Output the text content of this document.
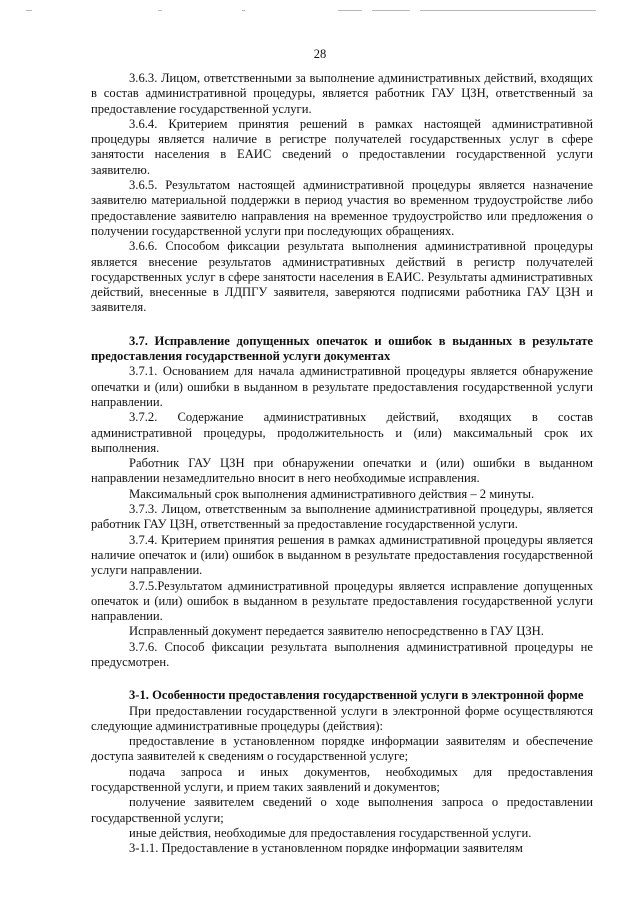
28

3.6.3. Лицом, ответственными за выполнение административных действий, входящих в состав административной процедуры, является работник ГАУ ЦЗН, ответственный за предоставление государственной услуги.

3.6.4. Критерием принятия решений в рамках настоящей административной процедуры является наличие в регистре получателей государственных услуг в сфере занятости населения в ЕАИС сведений о предоставлении государственной услуги заявителю.

3.6.5. Результатом настоящей административной процедуры является назначение заявителю материальной поддержки в период участия во временном трудоустройстве либо предоставление заявителю направления на временное трудоустройство или предложения о получении государственной услуги при последующих обращениях.

3.6.6. Способом фиксации результата выполнения административной процедуры является внесение результатов административных действий в регистр получателей государственных услуг в сфере занятости населения в ЕАИС. Результаты административных действий, внесенные в ЛДПГУ заявителя, заверяются подписями работника ГАУ ЦЗН и заявителя.

3.7. Исправление допущенных опечаток и ошибок в выданных в результате предоставления государственной услуги документах

3.7.1. Основанием для начала административной процедуры является обнаружение опечатки и (или) ошибки в выданном в результате предоставления государственной услуги направлении.

3.7.2. Содержание административных действий, входящих в состав административной процедуры, продолжительность и (или) максимальный срок их выполнения.

Работник ГАУ ЦЗН при обнаружении опечатки и (или) ошибки в выданном направлении незамедлительно вносит в него необходимые исправления.

Максимальный срок выполнения административного действия – 2 минуты.

3.7.3. Лицом, ответственным за выполнение административной процедуры, является работник ГАУ ЦЗН, ответственный за предоставление государственной услуги.

3.7.4. Критерием принятия решения в рамках административной процедуры является наличие опечаток и (или) ошибок в выданном в результате предоставления государственной услуги направлении.

3.7.5.Результатом административной процедуры является исправление допущенных опечаток и (или) ошибок в выданном в результате предоставления государственной услуги направлении.

Исправленный документ передается заявителю непосредственно в ГАУ ЦЗН.

3.7.6. Способ фиксации результата выполнения административной процедуры не предусмотрен.

3-1. Особенности предоставления государственной услуги в электронной форме

При предоставлении государственной услуги в электронной форме осуществляются следующие административные процедуры (действия):

предоставление в установленном порядке информации заявителям и обеспечение доступа заявителей к сведениям о государственной услуге;

подача запроса и иных документов, необходимых для предоставления государственной услуги, и прием таких заявлений и документов;

получение заявителем сведений о ходе выполнения запроса о предоставлении государственной услуги;

иные действия, необходимые для предоставления государственной услуги.

3-1.1. Предоставление в установленном порядке информации заявителям
